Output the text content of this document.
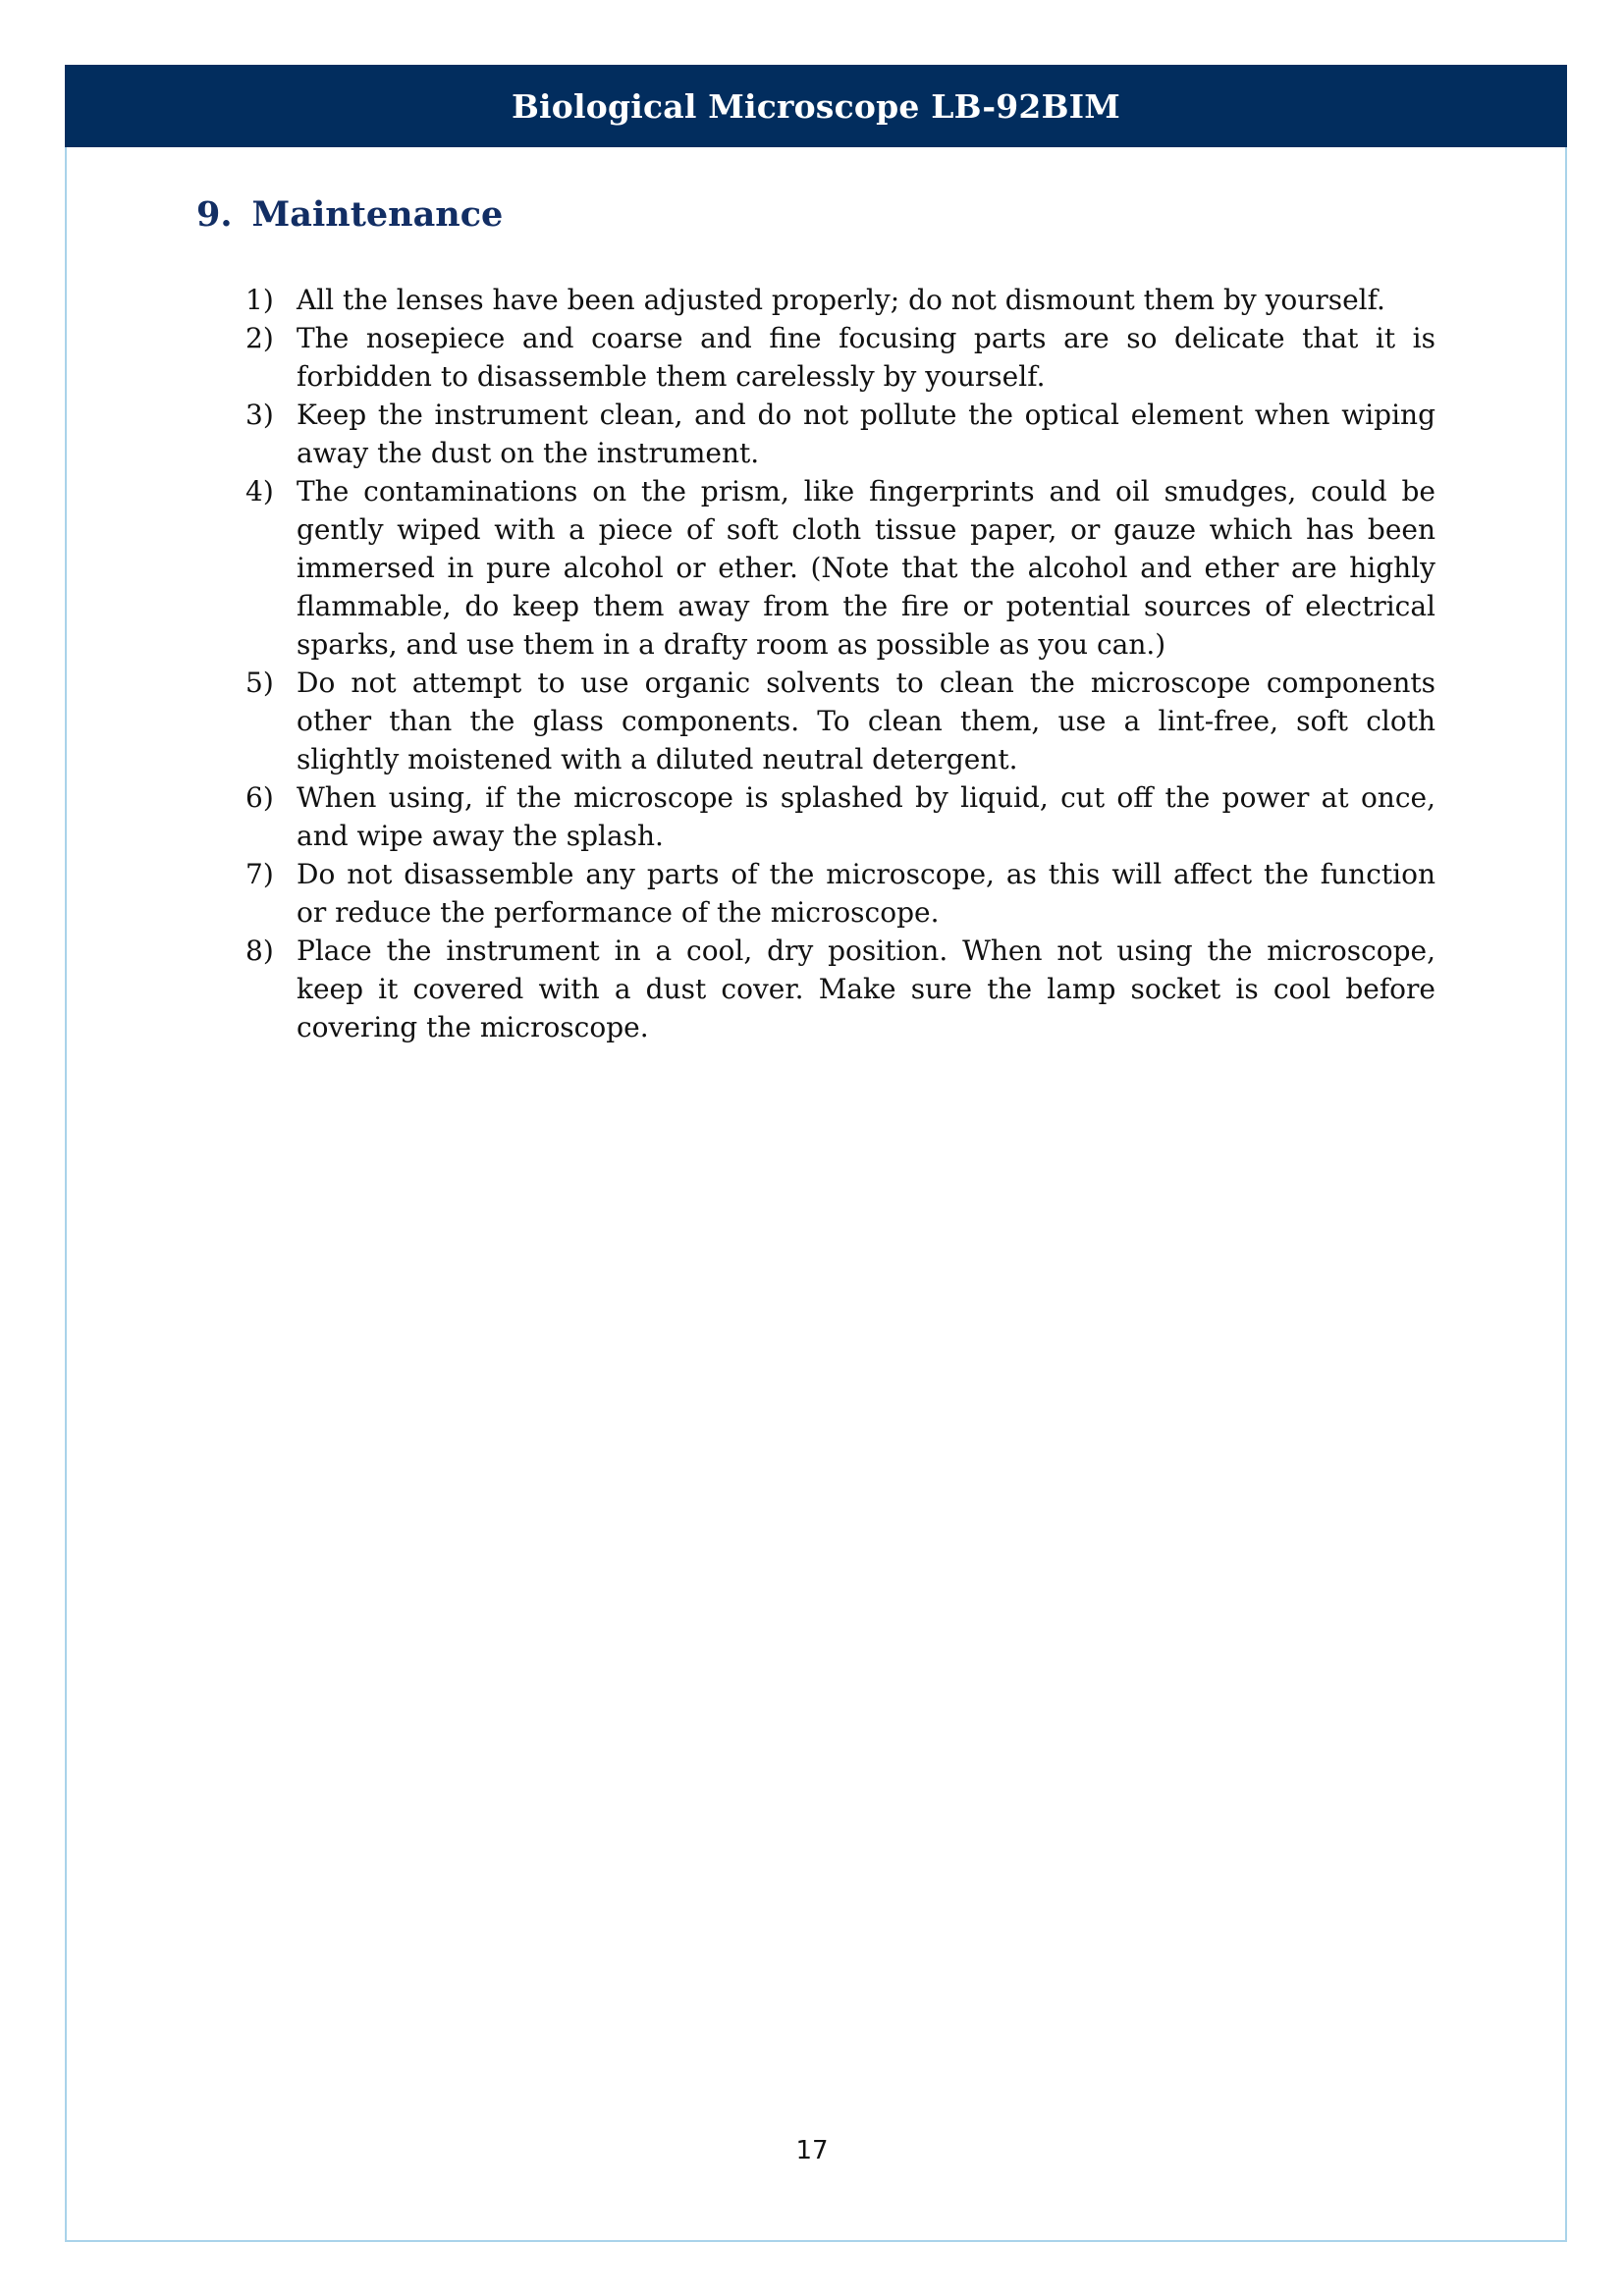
Biological Microscope LB-92BIM
9. Maintenance
1) All the lenses have been adjusted properly; do not dismount them by yourself.
2) The nosepiece and coarse and fine focusing parts are so delicate that it is forbidden to disassemble them carelessly by yourself.
3) Keep the instrument clean, and do not pollute the optical element when wiping away the dust on the instrument.
4) The contaminations on the prism, like fingerprints and oil smudges, could be gently wiped with a piece of soft cloth tissue paper, or gauze which has been immersed in pure alcohol or ether. (Note that the alcohol and ether are highly flammable, do keep them away from the fire or potential sources of electrical sparks, and use them in a drafty room as possible as you can.)
5) Do not attempt to use organic solvents to clean the microscope components other than the glass components. To clean them, use a lint-free, soft cloth slightly moistened with a diluted neutral detergent.
6) When using, if the microscope is splashed by liquid, cut off the power at once, and wipe away the splash.
7) Do not disassemble any parts of the microscope, as this will affect the function or reduce the performance of the microscope.
8) Place the instrument in a cool, dry position. When not using the microscope, keep it covered with a dust cover. Make sure the lamp socket is cool before covering the microscope.
17
